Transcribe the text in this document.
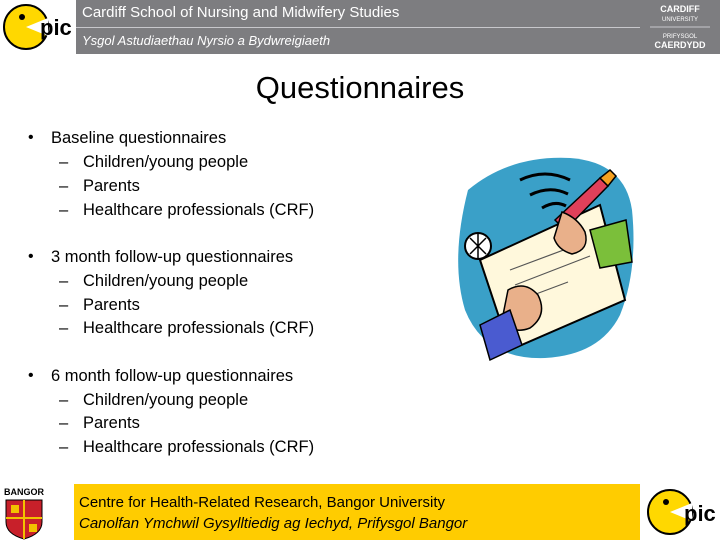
pic
Cardiff School of Nursing and Midwifery Studies
Ysgol Astudiaethau Nyrsio a Bydwreigiaeth
CARDIFF
UNIVERSITY
PRIFYSGOL
CAERDYDD
Questionnaires
• Baseline questionnaires
– Children/young people
– Parents
– Healthcare professionals (CRF)
• 3 month follow-up questionnaires
– Children/young people
– Parents
– Healthcare professionals (CRF)
• 6 month follow-up questionnaires
– Children/young people
– Parents
– Healthcare professionals (CRF)
BANGOR
Centre for Health-Related Research, Bangor University
Canolfan Ymchwil Gysylltiedig ag Iechyd, Prifysgol Bangor	pic
